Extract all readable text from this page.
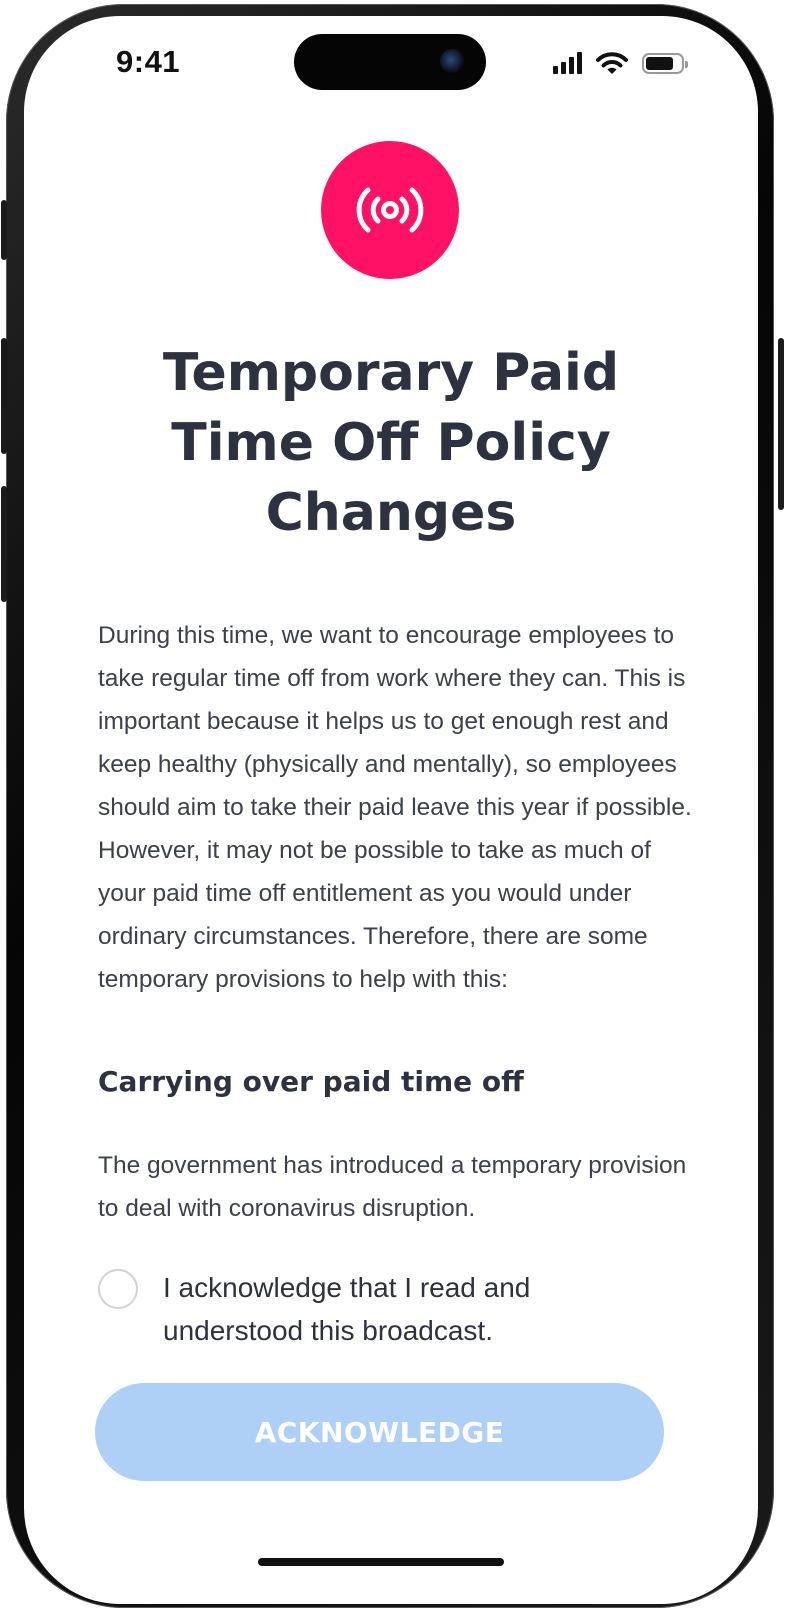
9:41
Temporary Paid Time Off Policy Changes

During this time, we want to encourage employees to take regular time off from work where they can. This is important because it helps us to get enough rest and keep healthy (physically and mentally), so employees should aim to take their paid leave this year if possible. However, it may not be possible to take as much of your paid time off entitlement as you would under ordinary circumstances. Therefore, there are some temporary provisions to help with this:

Carrying over paid time off

The government has introduced a temporary provision to deal with coronavirus disruption.

I acknowledge that I read and understood this broadcast.

ACKNOWLEDGE
